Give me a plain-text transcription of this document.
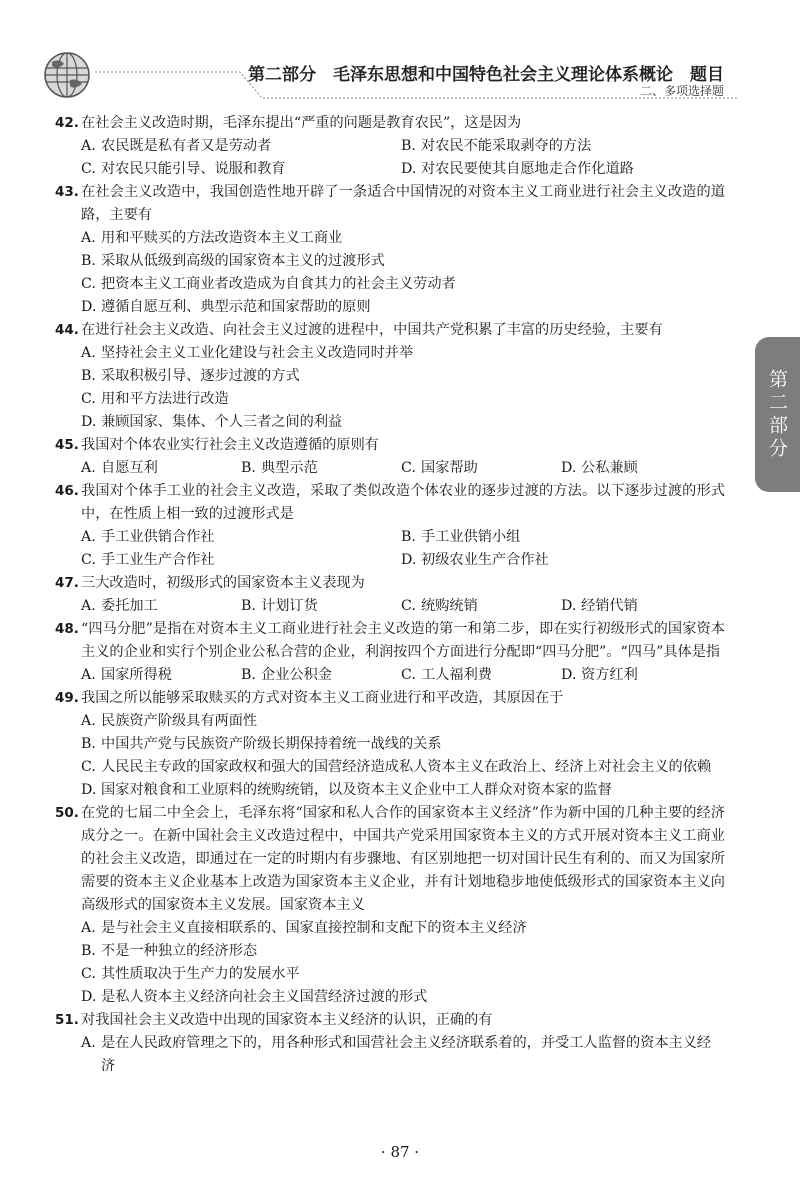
第二部分　毛泽东思想和中国特色社会主义理论体系概论　题目
二、多项选择题
第二部分
42. 在社会主义改造时期，毛泽东提出“严重的问题是教育农民”，这是因为
A. 农民既是私有者又是劳动者	B. 对农民不能采取剥夺的方法
C. 对农民只能引导、说服和教育	D. 对农民要使其自愿地走合作化道路
43. 在社会主义改造中，我国创造性地开辟了一条适合中国情况的对资本主义工商业进行社会主义改造的道路，主要有
A. 用和平赎买的方法改造资本主义工商业
B. 采取从低级到高级的国家资本主义的过渡形式
C. 把资本主义工商业者改造成为自食其力的社会主义劳动者
D. 遵循自愿互利、典型示范和国家帮助的原则
44. 在进行社会主义改造、向社会主义过渡的进程中，中国共产党积累了丰富的历史经验，主要有
A. 坚持社会主义工业化建设与社会主义改造同时并举
B. 采取积极引导、逐步过渡的方式
C. 用和平方法进行改造
D. 兼顾国家、集体、个人三者之间的利益
45. 我国对个体农业实行社会主义改造遵循的原则有
A. 自愿互利	B. 典型示范	C. 国家帮助	D. 公私兼顾
46. 我国对个体手工业的社会主义改造，采取了类似改造个体农业的逐步过渡的方法。以下逐步过渡的形式中，在性质上相一致的过渡形式是
A. 手工业供销合作社	B. 手工业供销小组
C. 手工业生产合作社	D. 初级农业生产合作社
47. 三大改造时，初级形式的国家资本主义表现为
A. 委托加工	B. 计划订货	C. 统购统销	D. 经销代销
48. “四马分肥”是指在对资本主义工商业进行社会主义改造的第一和第二步，即在实行初级形式的国家资本主义的企业和实行个别企业公私合营的企业，利润按四个方面进行分配即“四马分肥”。“四马”具体是指
A. 国家所得税	B. 企业公积金	C. 工人福利费	D. 资方红利
49. 我国之所以能够采取赎买的方式对资本主义工商业进行和平改造，其原因在于
A. 民族资产阶级具有两面性
B. 中国共产党与民族资产阶级长期保持着统一战线的关系
C. 人民民主专政的国家政权和强大的国营经济造成私人资本主义在政治上、经济上对社会主义的依赖
D. 国家对粮食和工业原料的统购统销，以及资本主义企业中工人群众对资本家的监督
50. 在党的七届二中全会上，毛泽东将“国家和私人合作的国家资本主义经济”作为新中国的几种主要的经济成分之一。在新中国社会主义改造过程中，中国共产党采用国家资本主义的方式开展对资本主义工商业的社会主义改造，即通过在一定的时期内有步骤地、有区别地把一切对国计民生有利的、而又为国家所需要的资本主义企业基本上改造为国家资本主义企业，并有计划地稳步地使低级形式的国家资本主义向高级形式的国家资本主义发展。国家资本主义
A. 是与社会主义直接相联系的、国家直接控制和支配下的资本主义经济
B. 不是一种独立的经济形态
C. 其性质取决于生产力的发展水平
D. 是私人资本主义经济向社会主义国营经济过渡的形式
51. 对我国社会主义改造中出现的国家资本主义经济的认识，正确的有
A. 是在人民政府管理之下的，用各种形式和国营社会主义经济联系着的，并受工人监督的资本主义经济
· 87 ·
